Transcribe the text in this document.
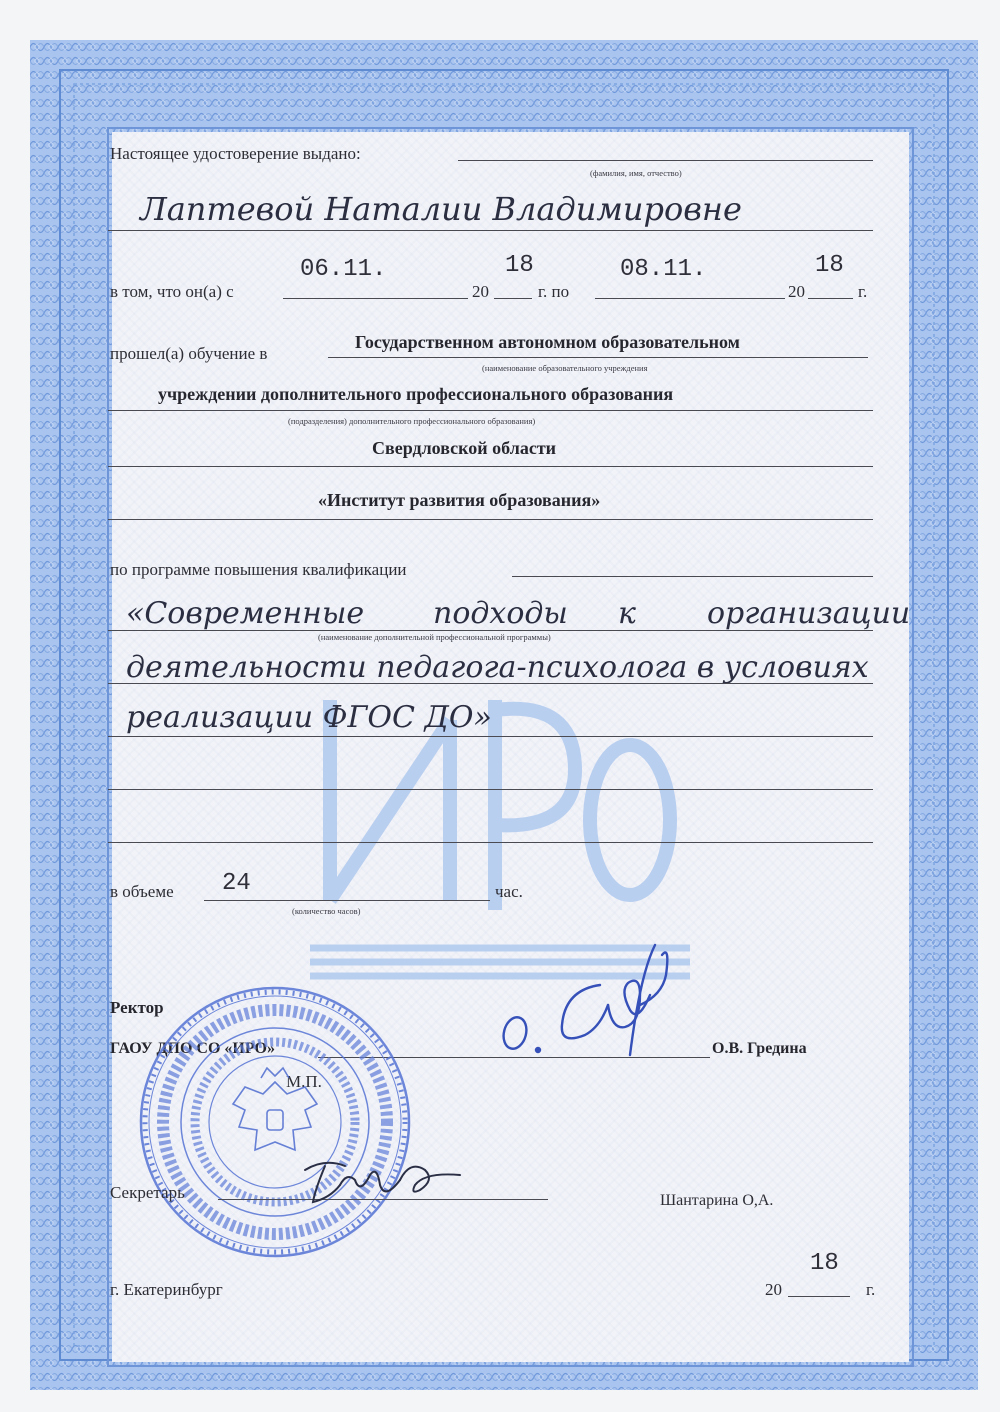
Настоящее удостоверение выдано:
(фамилия, имя, отчество)
Лаптевой Наталии Владимировне
в том, что он(а) с
06.11.
20
18
г. по
08.11.
20
18
г.
прошел(а) обучение в
Государственном автономном образовательном
(наименование образовательного учреждения
учреждении дополнительного профессионального образования
(подразделения) дополнительного профессионального образования)
Свердловской области
«Институт развития образования»
по программе повышения квалификации
«Современные подходы к организации
(наименование дополнительной профессиональной программы)
деятельности педагога-психолога в условиях
реализации ФГОС ДО»
в объеме 24
(количество часов)
час.
Ректор
ГАОУ ДПО СО «ИРО»	О.В. Гредина
М.П.
Секретарь	Шантарина О,А.
г. Екатеринбург	20
18
г.
